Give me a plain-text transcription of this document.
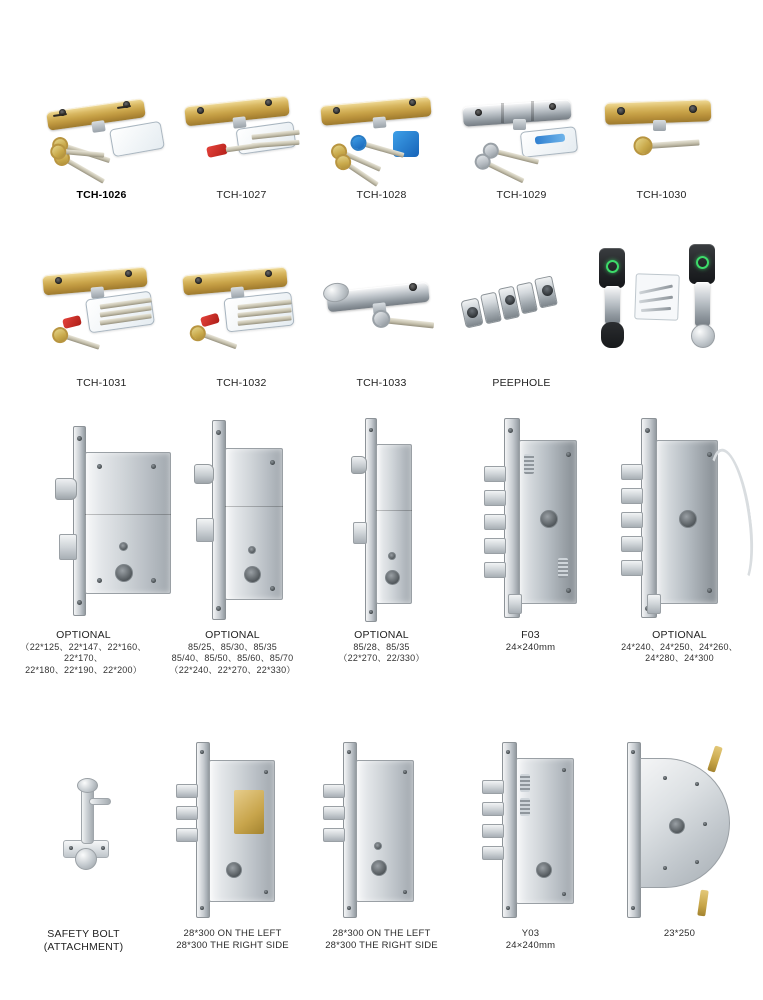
TCH-1026	TCH-1027	TCH-1028	TCH-1029	TCH-1030
TCH-1031	TCH-1032	TCH-1033	PEEPHOLE
OPTIONAL
（22*125、22*147、22*160、22*170、
22*180、22*190、22*200）
OPTIONAL
85/25、85/30、85/35
85/40、85/50、85/60、85/70
（22*240、22*270、22*330）
OPTIONAL
85/28、85/35
（22*270、22/330）
F03
24×240mm
OPTIONAL
24*240、24*250、24*260、
24*280、24*300
SAFETY BOLT
(ATTACHMENT)
28*300 ON THE LEFT
28*300 THE RIGHT SIDE
28*300 ON THE LEFT
28*300 THE RIGHT SIDE
Y03
24×240mm
23*250
